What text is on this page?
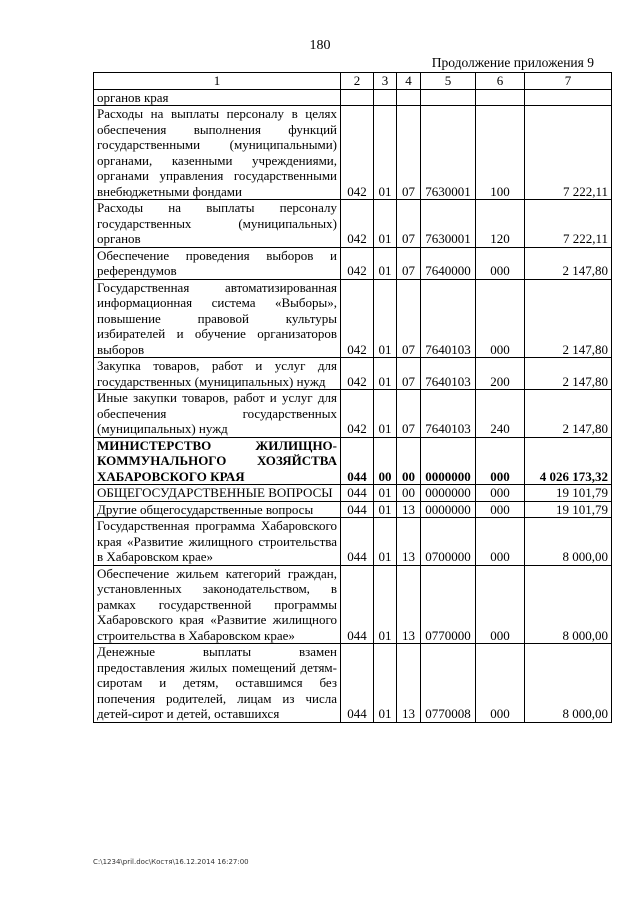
180
Продолжение приложения 9
1	2	3	4	5	6	7
органов края						
Расходы на выплаты персоналу в целях обеспечения выполнения функций государственными (муниципальными) органами, казенными учреждениями, органами управления государственными внебюджетными фондами	042	01	07	7630001	100	7 222,11
Расходы на выплаты персоналу государственных (муниципальных) органов	042	01	07	7630001	120	7 222,11
Обеспечение проведения выборов и референдумов	042	01	07	7640000	000	2 147,80
Государственная автоматизированная информационная система «Выборы», повышение правовой культуры избирателей и обучение организаторов выборов	042	01	07	7640103	000	2 147,80
Закупка товаров, работ и услуг для государственных (муниципальных) нужд	042	01	07	7640103	200	2 147,80
Иные закупки товаров, работ и услуг для обеспечения государственных (муниципальных) нужд	042	01	07	7640103	240	2 147,80
МИНИСТЕРСТВО ЖИЛИЩНО-КОММУНАЛЬНОГО ХОЗЯЙСТВА ХАБАРОВСКОГО КРАЯ	044	00	00	0000000	000	4 026 173,32
ОБЩЕГОСУДАРСТВЕННЫЕ ВОПРОСЫ	044	01	00	0000000	000	19 101,79
Другие общегосударственные вопросы	044	01	13	0000000	000	19 101,79
Государственная программа Хабаровского края «Развитие жилищного строительства в Хабаровском крае»	044	01	13	0700000	000	8 000,00
Обеспечение жильем категорий граждан, установленных законодательством, в рамках государственной программы Хабаровского края «Развитие жилищного строительства в Хабаровском крае»	044	01	13	0770000	000	8 000,00
Денежные выплаты взамен предоставления жилых помещений детям-сиротам и детям, оставшимся без попечения родителей, лицам из числа детей-сирот и детей, оставшихся	044	01	13	0770008	000	8 000,00
C:\1234\pril.doc\Костя\16.12.2014 16:27:00
